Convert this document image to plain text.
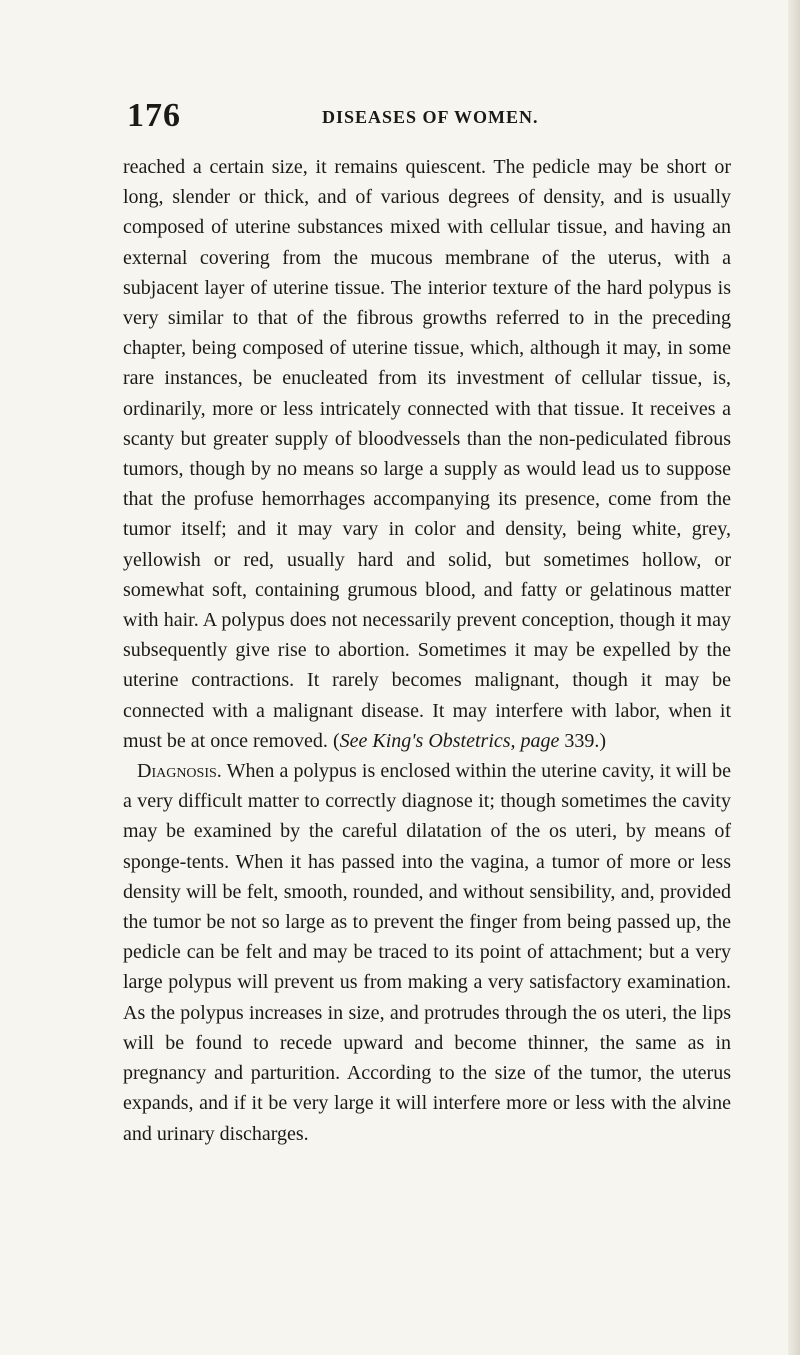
176	DISEASES OF WOMEN.

reached a certain size, it remains quiescent. The pedicle may be short or long, slender or thick, and of various degrees of density, and is usually composed of uterine substances mixed with cellular tissue, and having an external covering from the mucous membrane of the uterus, with a subjacent layer of uterine tissue. The interior texture of the hard polypus is very similar to that of the fibrous growths referred to in the preceding chapter, being composed of uterine tissue, which, although it may, in some rare instances, be enucleated from its investment of cellular tissue, is, ordinarily, more or less intricately connected with that tissue. It receives a scanty but greater supply of bloodvessels than the non-pediculated fibrous tumors, though by no means so large a supply as would lead us to suppose that the profuse hemorrhages accompanying its presence, come from the tumor itself; and it may vary in color and density, being white, grey, yellowish or red, usually hard and solid, but sometimes hollow, or somewhat soft, containing grumous blood, and fatty or gelatinous matter with hair. A polypus does not necessarily prevent conception, though it may subsequently give rise to abortion. Sometimes it may be expelled by the uterine contractions. It rarely becomes malignant, though it may be connected with a malignant disease. It may interfere with labor, when it must be at once removed. (See King's Obstetrics, page 339.)

Diagnosis. When a polypus is enclosed within the uterine cavity, it will be a very difficult matter to correctly diagnose it; though sometimes the cavity may be examined by the careful dilatation of the os uteri, by means of sponge-tents. When it has passed into the vagina, a tumor of more or less density will be felt, smooth, rounded, and without sensibility, and, provided the tumor be not so large as to prevent the finger from being passed up, the pedicle can be felt and may be traced to its point of attachment; but a very large polypus will prevent us from making a very satisfactory examination. As the polypus increases in size, and protrudes through the os uteri, the lips will be found to recede upward and become thinner, the same as in pregnancy and parturition. According to the size of the tumor, the uterus expands, and if it be very large it will interfere more or less with the alvine and urinary discharges.
